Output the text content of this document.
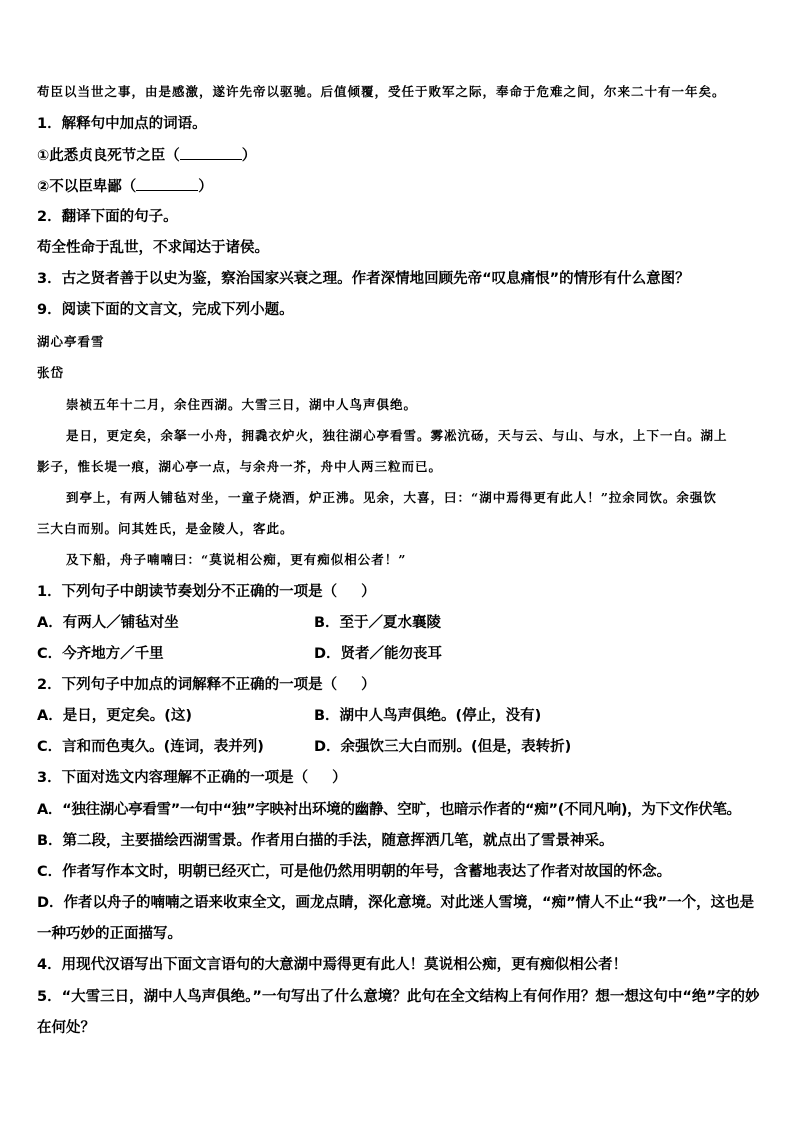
苟臣以当世之事，由是感激，遂许先帝以驱驰。后值倾覆，受任于败军之际，奉命于危难之间，尔来二十有一年矣。
1．解释句中加点的词语。
①此悉贞良死节之臣（	）
②不以臣卑鄙（	）
2．翻译下面的句子。
苟全性命于乱世，不求闻达于诸侯。
3．古之贤者善于以史为鉴，察治国家兴衰之理。作者深情地回顾先帝“叹息痛恨”的情形有什么意图？
9．阅读下面的文言文，完成下列小题。
湖心亭看雪
张岱
崇祯五年十二月，余住西湖。大雪三日，湖中人鸟声俱绝。
是日，更定矣，余拏一小舟，拥毳衣炉火，独往湖心亭看雪。雾凇沆砀，天与云、与山、与水，上下一白。湖上
影子，惟长堤一痕，湖心亭一点，与余舟一芥，舟中人两三粒而已。
到亭上，有两人铺毡对坐，一童子烧酒，炉正沸。见余，大喜，曰：“湖中焉得更有此人！”拉余同饮。余强饮
三大白而别。问其姓氏，是金陵人，客此。
及下船，舟子喃喃曰：“莫说相公痴，更有痴似相公者！”
1．下列句子中朗读节奏划分不正确的一项是（ ）
A．有两人／铺毡对坐	B．至于／夏水襄陵
C．今齐地方／千里	D．贤者／能勿丧耳
2．下列句子中加点的词解释不正确的一项是（ ）
A．是日，更定矣。(这)	B．湖中人鸟声俱绝。(停止，没有)
C．言和而色夷久。(连词，表并列)	D．余强饮三大白而别。(但是，表转折)
3．下面对选文内容理解不正确的一项是（ ）
A．“独往湖心亭看雪”一句中“独”字映衬出环境的幽静、空旷，也暗示作者的“痴”(不同凡响)，为下文作伏笔。
B．第二段，主要描绘西湖雪景。作者用白描的手法，随意挥洒几笔，就点出了雪景神采。
C．作者写作本文时，明朝已经灭亡，可是他仍然用明朝的年号，含蓄地表达了作者对故国的怀念。
D．作者以舟子的喃喃之语来收束全文，画龙点睛，深化意境。对此迷人雪境，“痴”情人不止“我”一个，这也是
一种巧妙的正面描写。
4．用现代汉语写出下面文言语句的大意湖中焉得更有此人！莫说相公痴，更有痴似相公者！
5．“大雪三日，湖中人鸟声俱绝。”一句写出了什么意境？此句在全文结构上有何作用？想一想这句中“绝”字的妙
在何处？
